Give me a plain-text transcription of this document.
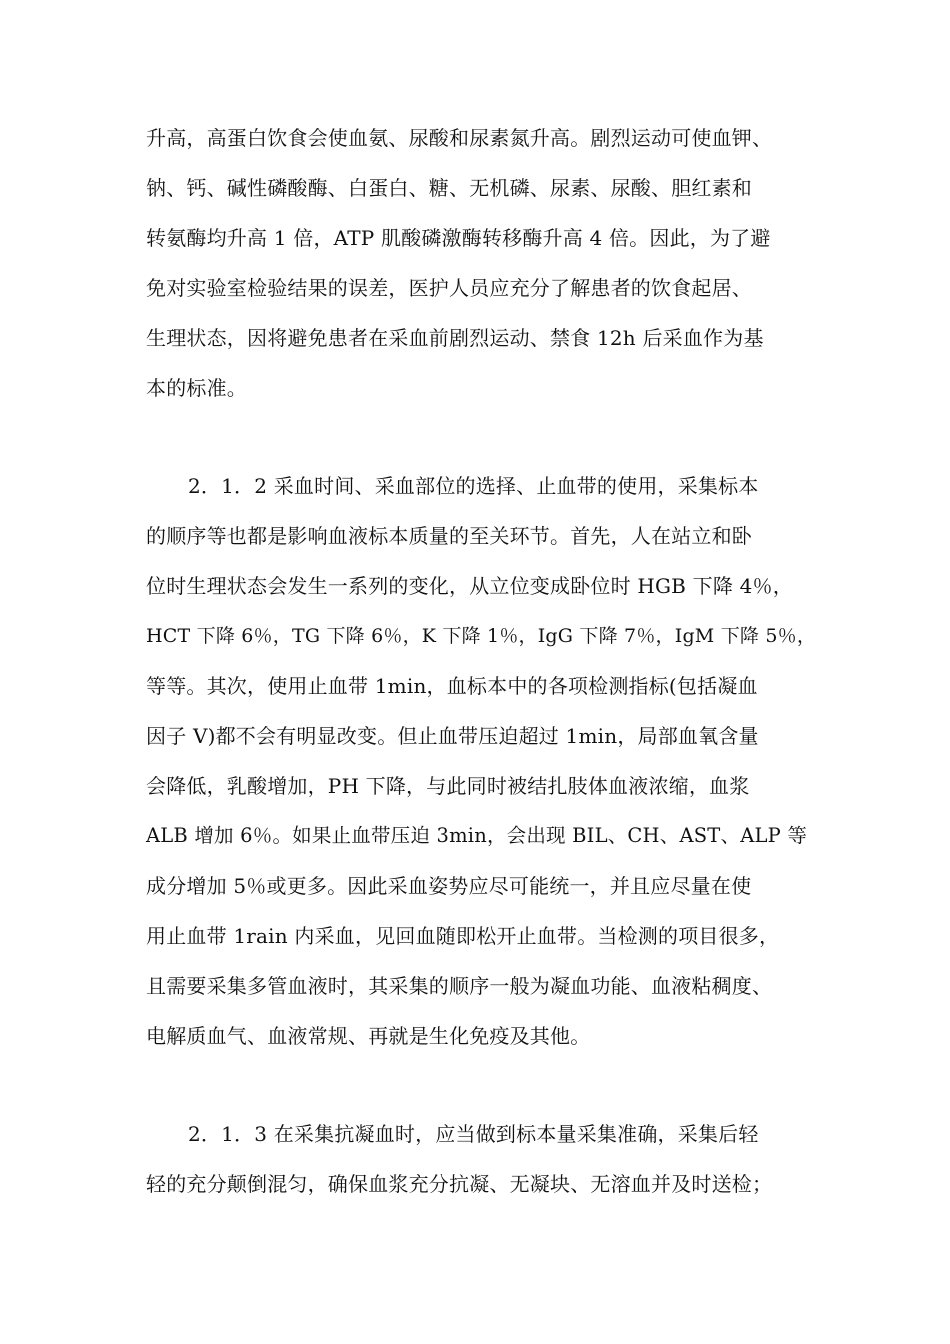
升高，高蛋白饮食会使血氨、尿酸和尿素氮升高。剧烈运动可使血钾、
钠、钙、碱性磷酸酶、白蛋白、糖、无机磷、尿素、尿酸、胆红素和
转氨酶均升高 1 倍，ATP 肌酸磷激酶转移酶升高 4 倍。因此，为了避
免对实验室检验结果的误差，医护人员应充分了解患者的饮食起居、
生理状态，因将避免患者在采血前剧烈运动、禁食 12h 后采血作为基
本的标准。
2．1．2 采血时间、采血部位的选择、止血带的使用，采集标本
的顺序等也都是影响血液标本质量的至关环节。首先，人在站立和卧
位时生理状态会发生一系列的变化，从立位变成卧位时 HGB 下降 4％，
HCT 下降 6％，TG 下降 6％，K 下降 1％，IgG 下降 7％，IgM 下降 5％，
等等。其次，使用止血带 1min，血标本中的各项检测指标(包括凝血
因子 V)都不会有明显改变。但止血带压迫超过 1min，局部血氧含量
会降低，乳酸增加，PH 下降，与此同时被结扎肢体血液浓缩，血浆
ALB 增加 6％。如果止血带压迫 3min，会出现 BIL、CH、AST、ALP 等
成分增加 5％或更多。因此采血姿势应尽可能统一，并且应尽量在使
用止血带 1rain 内采血，见回血随即松开止血带。当检测的项目很多，
且需要采集多管血液时，其采集的顺序一般为凝血功能、血液粘稠度、
电解质血气、血液常规、再就是生化免疫及其他。
2．1．3 在采集抗凝血时，应当做到标本量采集准确，采集后轻
轻的充分颠倒混匀，确保血浆充分抗凝、无凝块、无溶血并及时送检；
